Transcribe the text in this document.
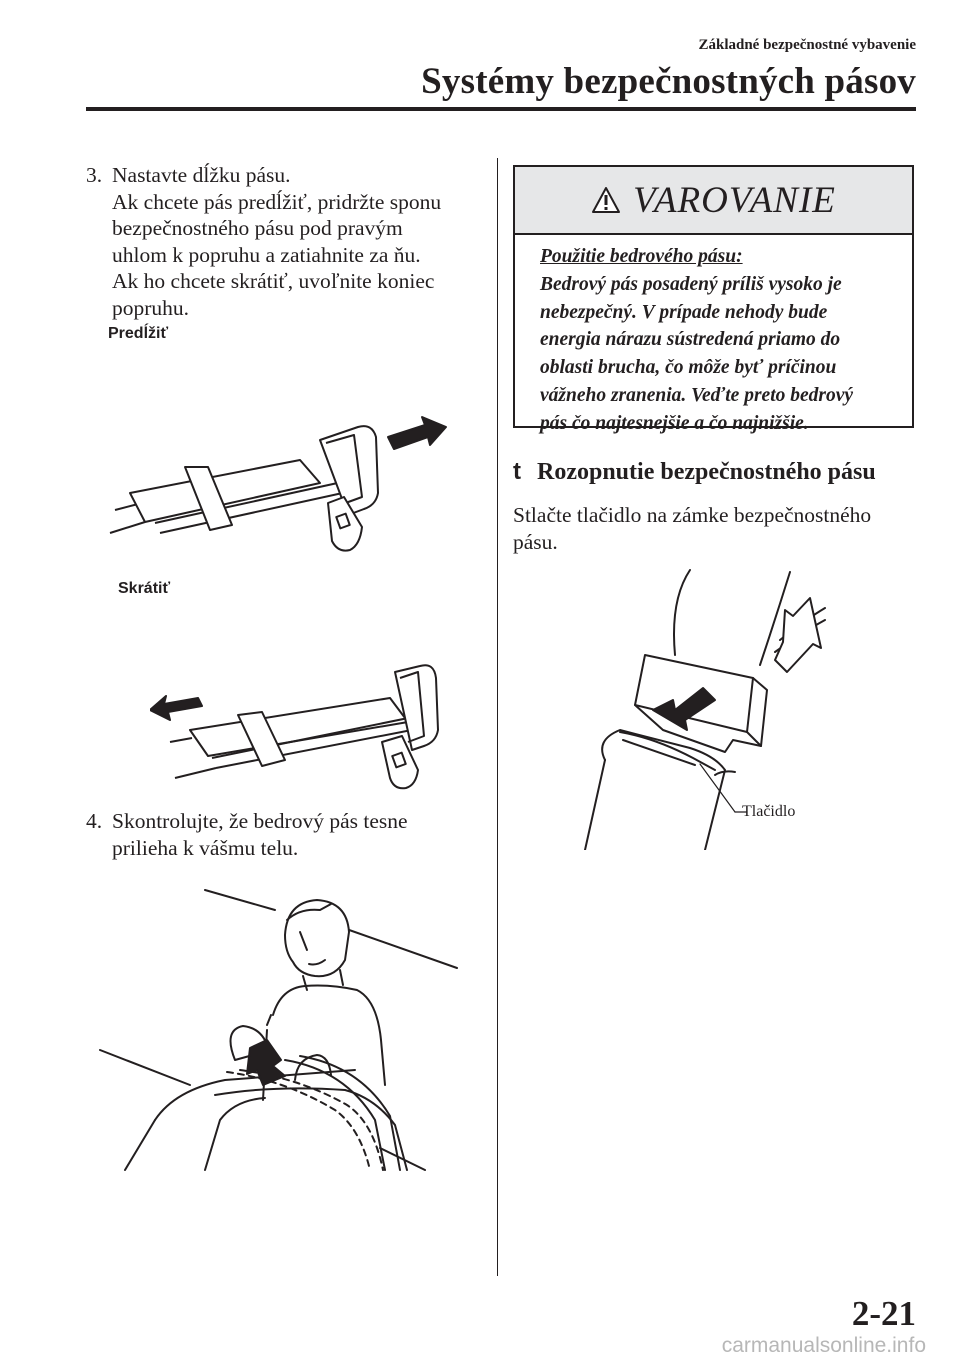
Základné bezpečnostné vybavenie
Systémy bezpečnostných pásov
3. Nastavte dĺžku pásu.
Ak chcete pás predĺžiť, pridržte sponu
bezpečnostného pásu pod pravým
uhlom k popruhu a zatiahnite za ňu.
Ak ho chcete skrátiť, uvoľnite koniec
popruhu.
Predĺžiť
Skrátiť
4. Skontrolujte, že bedrový pás tesne
prilieha k vášmu telu.
VAROVANIE
Použitie bedrového pásu:
Bedrový pás posadený príliš vysoko je
nebezpečný. V prípade nehody bude
energia nárazu sústredená priamo do
oblasti brucha, čo môže byť príčinou
vážneho zranenia. Veďte preto bedrový
pás čo najtesnejšie a čo najnižšie.
t Rozopnutie bezpečnostného pásu
Stlačte tlačidlo na zámke bezpečnostného
pásu.
Tlačidlo
2-21
carmanualsonline.info
